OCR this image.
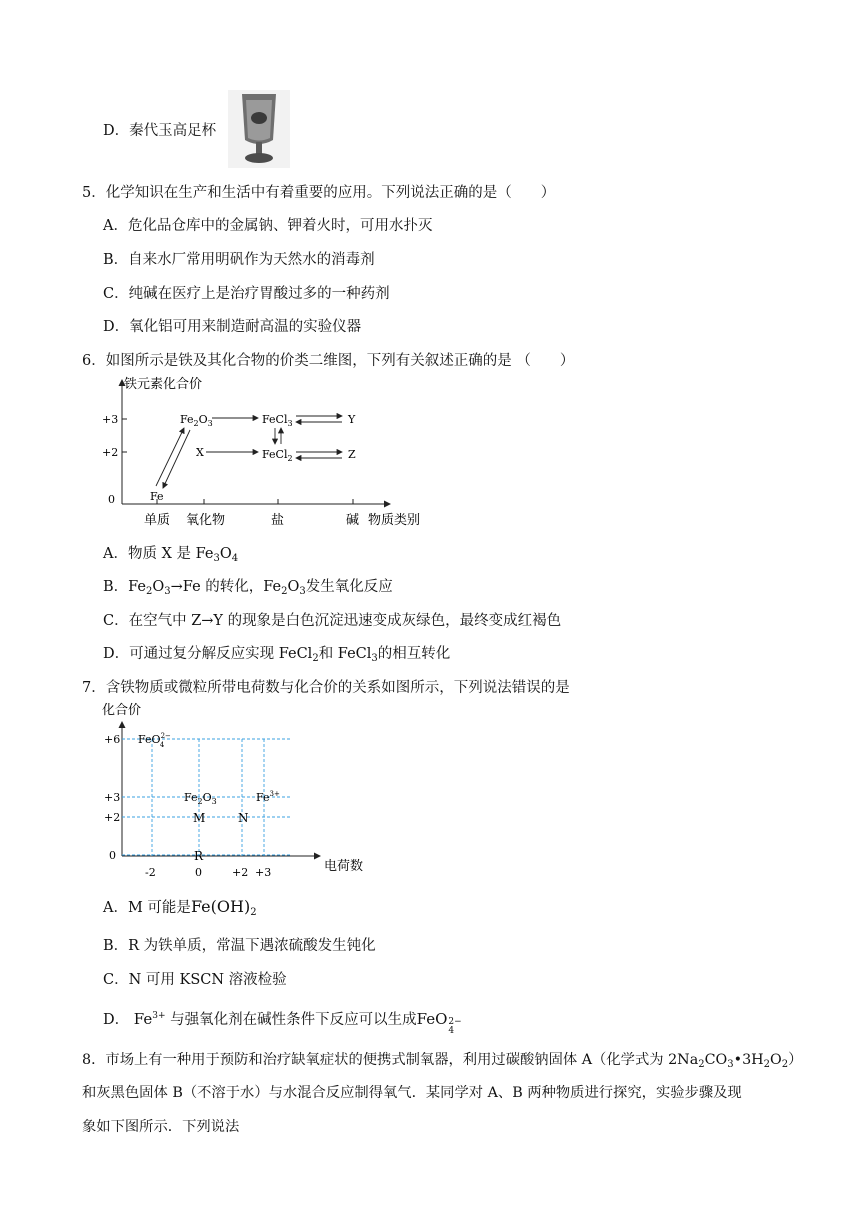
D．秦代玉高足杯
5．化学知识在生产和生活中有着重要的应用。下列说法正确的是（　　）
A．危化品仓库中的金属钠、钾着火时，可用水扑灭
B．自来水厂常用明矾作为天然水的消毒剂
C．纯碱在医疗上是治疗胃酸过多的一种药剂
D．氧化铝可用来制造耐高温的实验仪器
6．如图所示是铁及其化合物的价类二维图，下列有关叙述正确的是 （　　）
铁元素化合价
+3
+2
0
单质 氧化物	盐	碱 物质类别
Fe
$Fe_2O_3$
X
FeCl$_3$
FeCl$_2$
Y
Z
A．物质 X 是 $Fe_3O_4$
B．$Fe_2O_3\to Fe$ 的转化，$Fe_2O_3$发生氧化反应
C．在空气中 Z→Y 的现象是白色沉淀迅速变成灰绿色，最终变成红褐色
D．可通过复分解反应实现 FeCl$_2$和 FeCl$_3$的相互转化
7．含铁物质或微粒所带电荷数与化合价的关系如图所示，下列说法错误的是
化合价
电荷数
+6
+3
+2
0
-2	0	+2 +3
FeO$^{2-}$ 4
$Fe_2O_3$	$Fe^{3+}$
M	N
R
A．M 可能是$Fe(OH)_2$
B．R 为铁单质，常温下遇浓硫酸发生钝化
C．N 可用 KSCN 溶液检验
D． $Fe^{3+}$ 与强氧化剂在碱性条件下反应可以生成FeO 2−
4
8．市场上有一种用于预防和治疗缺氧症状的便携式制氧器，利用过碳酸钠固体 A（化学式为 $2Na_2CO_3•3H_2O_2$）
和灰黑色固体 B（不溶于水）与水混合反应制得氧气．某同学对 A、B 两种物质进行探究，实验步骤及现
象如下图所示．下列说法
